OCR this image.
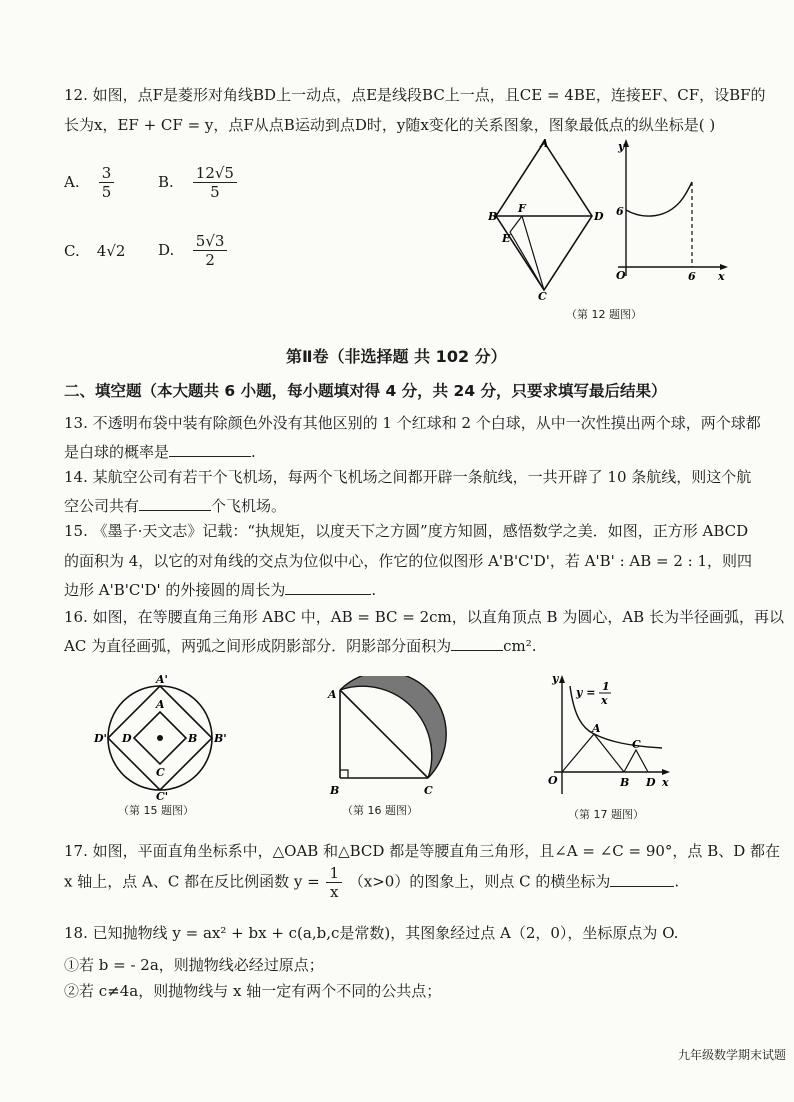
12. 如图，点F是菱形对角线BD上一动点，点E是线段BC上一点，且CE = 4BE，连接EF、CF，设BF的
长为x，EF + CF = y，点F从点B运动到点D时，y随x变化的关系图象，图象最低点的纵坐标是( )
A. $\frac{3}{5}$	B. $\frac{12√5}{5}$
C. 4√2 D. $\frac{5√3}{2}$
A
B	D
F
E
C
y
x
O
6
6
（第 12 题图）
第Ⅱ卷（非选择题 共 102 分）
二、填空题（本大题共 6 小题，每小题填对得 4 分，共 24 分，只要求填写最后结果）
13. 不透明布袋中装有除颜色外没有其他区别的 1 个红球和 2 个白球，从中一次性摸出两个球，两个球都
是白球的概率是	.
14. 某航空公司有若干个飞机场，每两个飞机场之间都开辟一条航线，一共开辟了 10 条航线，则这个航
空公司共有	个飞机场。
15. 《墨子·天文志》记载：“执规矩，以度天下之方圆”度方知圆，感悟数学之美．如图，正方形 ABCD
的面积为 4，以它的对角线的交点为位似中心，作它的位似图形 A'B'C'D'，若 A'B' : AB = 2 : 1，则四
边形 A'B'C'D' 的外接圆的周长为	.
16. 如图，在等腰直角三角形 ABC 中，AB = BC = 2cm，以直角顶点 B 为圆心，AB 长为半径画弧，再以
AC 为直径画弧，两弧之间形成阴影部分．阴影部分面积为	cm².
A'
A
D' D	B B'
C
C'
（第 15 题图）
A
B	C
（第 16 题图）
y
x
O
A
B
C
D
y = 1
x
（第 17 题图）
17. 如图，平面直角坐标系中，△OAB 和△BCD 都是等腰直角三角形，且∠A = ∠C = 90°，点 B、D 都在
x 轴上，点 A、C 都在反比例函数 $y = \frac{1}{x} (x>0)$的图象上，则点 C 的横坐标为	.
18. 已知抛物线 y = ax² + bx + c(a,b,c是常数)，其图象经过点 A（2，0），坐标原点为 O.
①若 b = - 2a，则抛物线必经过原点；
②若 c≠4a，则抛物线与 x 轴一定有两个不同的公共点；
九年级数学期末试题
